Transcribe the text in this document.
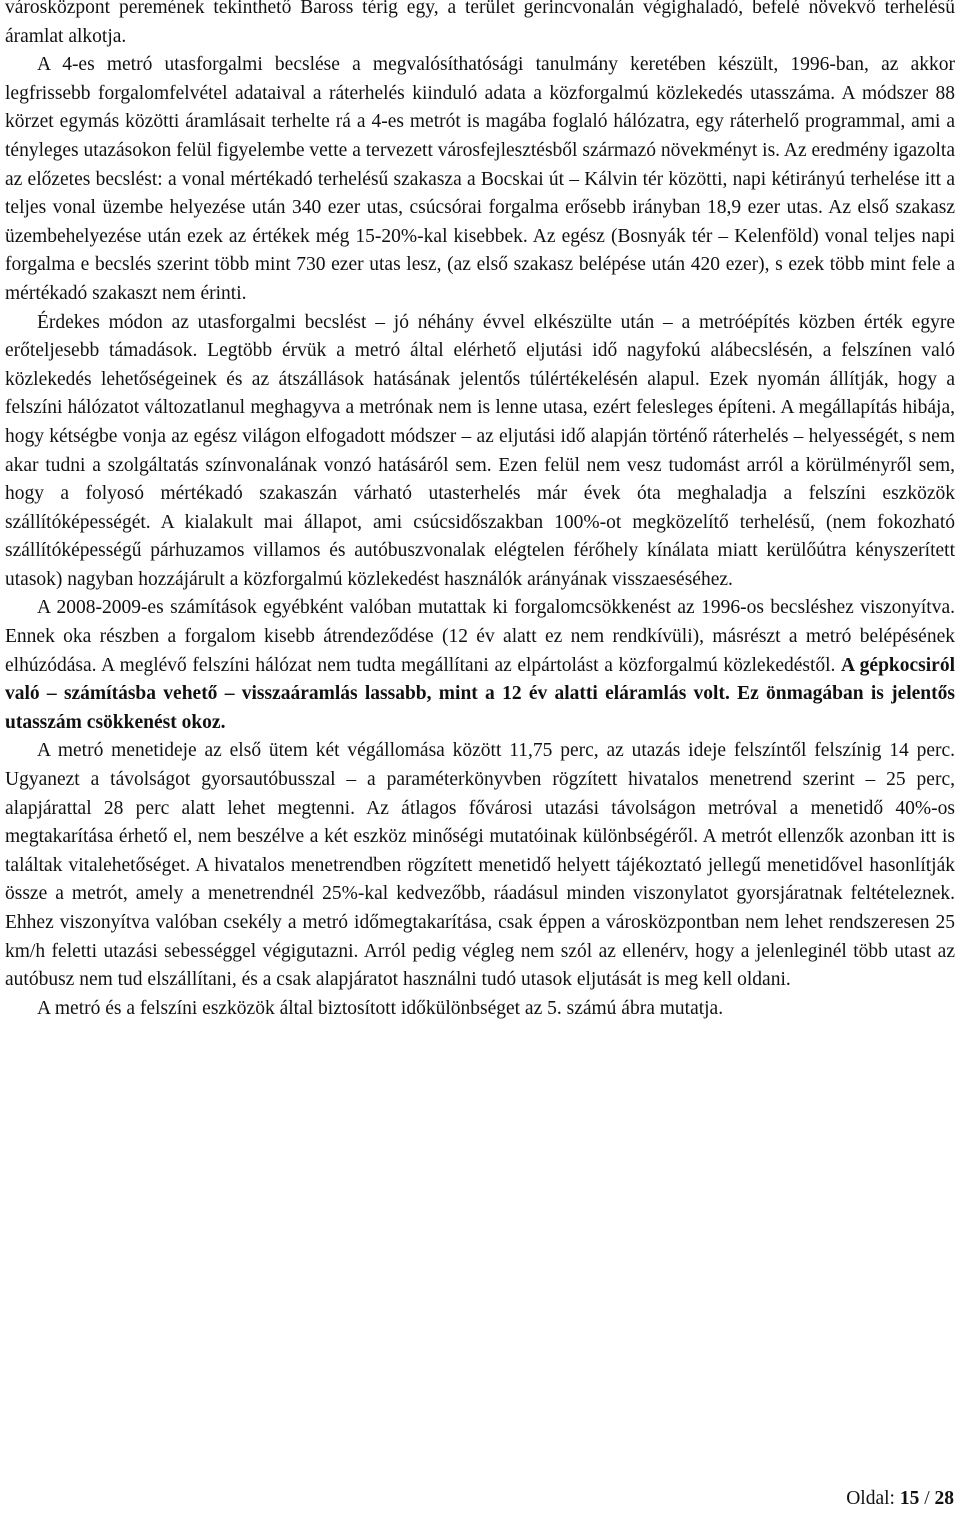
városközpont peremének tekinthető Baross térig egy, a terület gerincvonalán végighaladó, befelé növekvő terhelésű áramlat alkotja.

A 4-es metró utasforgalmi becslése a megvalósíthatósági tanulmány keretében készült, 1996-ban, az akkor legfrissebb forgalomfelvétel adataival a ráterhelés kiinduló adata a közforgalmú közlekedés utasszáma. A módszer 88 körzet egymás közötti áramlásait terhelte rá a 4-es metrót is magába foglaló hálózatra, egy ráterhelő programmal, ami a tényleges utazásokon felül figyelembe vette a tervezett városfejlesztésből származó növekményt is. Az eredmény igazolta az előzetes becslést: a vonal mértékadó terhelésű szakasza a Bocskai út – Kálvin tér közötti, napi kétirányú terhelése itt a teljes vonal üzembe helyezése után 340 ezer utas, csúcsórai forgalma erősebb irányban 18,9 ezer utas. Az első szakasz üzembehelyezése után ezek az értékek még 15-20%-kal kisebbek. Az egész (Bosnyák tér – Kelenföld) vonal teljes napi forgalma e becslés szerint több mint 730 ezer utas lesz, (az első szakasz belépése után 420 ezer), s ezek több mint fele a mértékadó szakaszt nem érinti.

Érdekes módon az utasforgalmi becslést – jó néhány évvel elkészülte után – a metróépítés közben érték egyre erőteljesebb támadások. Legtöbb érvük a metró által elérhető eljutási idő nagyfokú alábecslésén, a felszínen való közlekedés lehetőségeinek és az átszállások hatásának jelentős túlértékelésén alapul. Ezek nyomán állítják, hogy a felszíni hálózatot változatlanul meghagyva a metrónak nem is lenne utasa, ezért felesleges építeni. A megállapítás hibája, hogy kétségbe vonja az egész világon elfogadott módszer – az eljutási idő alapján történő ráterhelés – helyességét, s nem akar tudni a szolgáltatás színvonalának vonzó hatásáról sem. Ezen felül nem vesz tudomást arról a körülményről sem, hogy a folyosó mértékadó szakaszán várható utasterhelés már évek óta meghaladja a felszíni eszközök szállítóképességét. A kialakult mai állapot, ami csúcsidőszakban 100%-ot megközelítő terhelésű, (nem fokozható szállítóképességű párhuzamos villamos és autóbuszvonalak elégtelen férőhely kínálata miatt kerülőútra kényszerített utasok) nagyban hozzájárult a közforgalmú közlekedést használók arányának visszaeséséhez.

A 2008-2009-es számítások egyébként valóban mutattak ki forgalomcsökkenést az 1996-os becsléshez viszonyítva. Ennek oka részben a forgalom kisebb átrendeződése (12 év alatt ez nem rendkívüli), másrészt a metró belépésének elhúzódása. A meglévő felszíni hálózat nem tudta megállítani az elpártolást a közforgalmú közlekedéstől. A gépkocsiról való – számításba vehető – visszaáramlás lassabb, mint a 12 év alatti eláramlás volt. Ez önmagában is jelentős utasszám csökkenést okoz.

A metró menetideje az első ütem két végállomása között 11,75 perc, az utazás ideje felszíntől felszínig 14 perc. Ugyanezt a távolságot gyorsautóbusszal – a paraméterkönyvben rögzített hivatalos menetrend szerint – 25 perc, alapjárattal 28 perc alatt lehet megtenni. Az átlagos fővárosi utazási távolságon metróval a menetidő 40%-os megtakarítása érhető el, nem beszélve a két eszköz minőségi mutatóinak különbségéről. A metrót ellenzők azonban itt is találtak vitalehetőséget. A hivatalos menetrendben rögzített menetidő helyett tájékoztató jellegű menetidővel hasonlítják össze a metrót, amely a menetrendnél 25%-kal kedvezőbb, ráadásul minden viszonylatot gyorsjáratnak feltételeznek. Ehhez viszonyítva valóban csekély a metró időmegtakarítása, csak éppen a városközpontban nem lehet rendszeresen 25 km/h feletti utazási sebességgel végigutazni. Arról pedig végleg nem szól az ellenérv, hogy a jelenleginél több utast az autóbusz nem tud elszállítani, és a csak alapjáratot használni tudó utasok eljutását is meg kell oldani.

A metró és a felszíni eszközök által biztosított időkülönbséget az 5. számú ábra mutatja.

Oldal: 15 / 28
